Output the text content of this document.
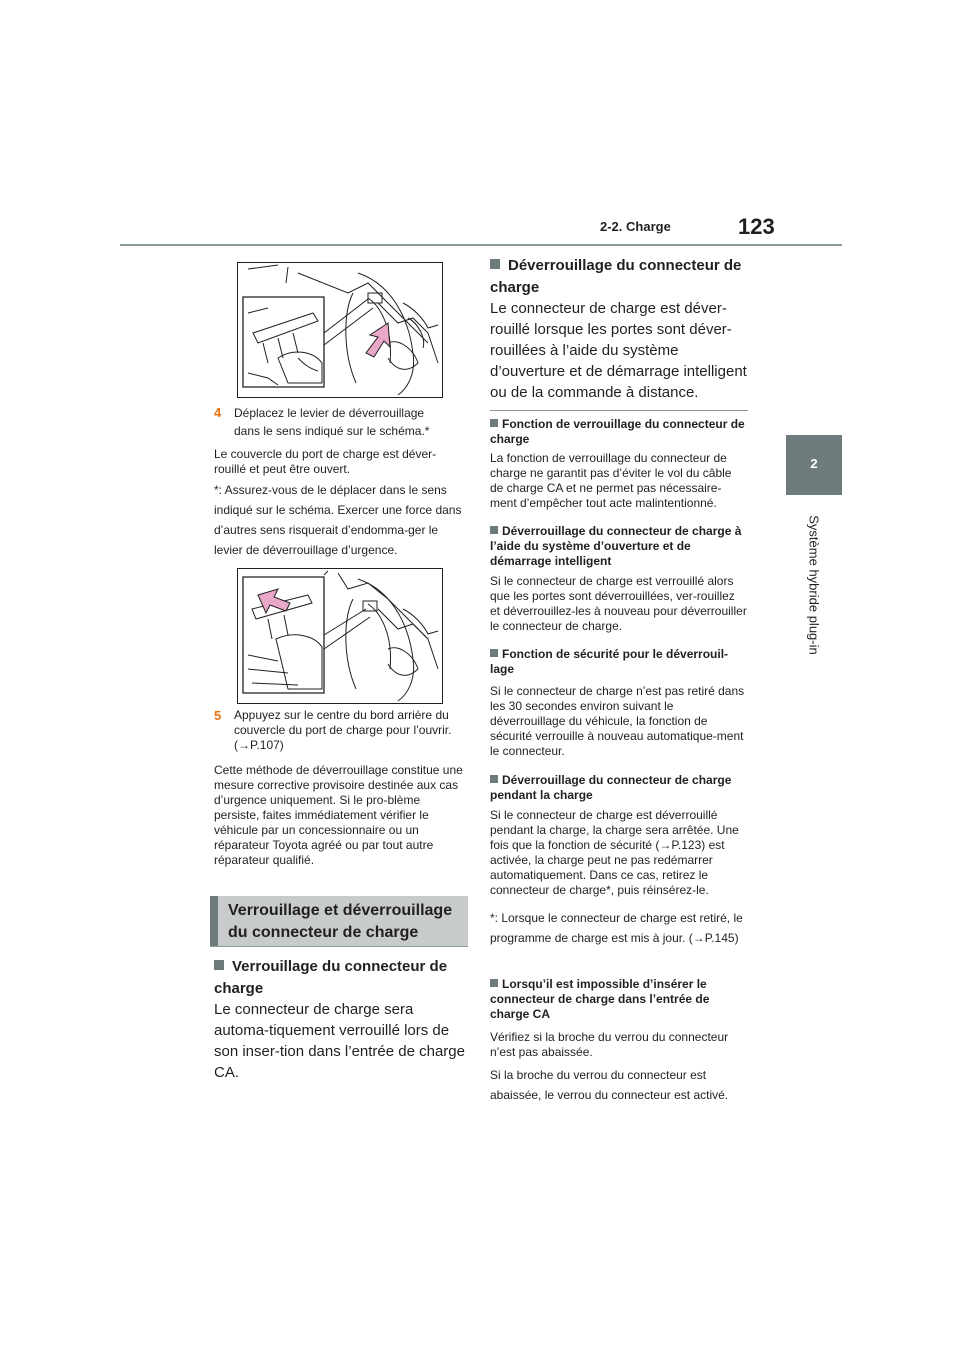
2-2. Charge	123
2
Système hybride plug-in
4 Déplacez le levier de déverrouillage dans le sens indiqué sur le schéma.*
Le couvercle du port de charge est déver-rouillé et peut être ouvert.
*: Assurez-vous de le déplacer dans le sens indiqué sur le schéma. Exercer une force dans d’autres sens risquerait d’endomma-ger le levier de déverrouillage d’urgence.
5 Appuyez sur le centre du bord arrière du couvercle du port de charge pour l’ouvrir. (→P.107)
Cette méthode de déverrouillage constitue une mesure corrective provisoire destinée aux cas d’urgence uniquement. Si le pro-blème persiste, faites immédiatement vérifier le véhicule par un concessionnaire ou un réparateur Toyota agréé ou par tout autre réparateur qualifié.
Verrouillage et déverrouillage du connecteur de charge
Verrouillage du connecteur de charge
Le connecteur de charge sera automa-tiquement verrouillé lors de son inser-tion dans l’entrée de charge CA.
Déverrouillage du connecteur de charge
Le connecteur de charge est déver-rouillé lorsque les portes sont déver-rouillées à l’aide du système d’ouverture et de démarrage intelligent ou de la commande à distance.
Fonction de verrouillage du connecteur de charge
La fonction de verrouillage du connecteur de charge ne garantit pas d’éviter le vol du câble de charge CA et ne permet pas nécessaire-ment d’empêcher tout acte malintentionné.
Déverrouillage du connecteur de charge à l’aide du système d’ouverture et de démarrage intelligent
Si le connecteur de charge est verrouillé alors que les portes sont déverrouillées, ver-rouillez et déverrouillez-les à nouveau pour déverrouiller le connecteur de charge.
Fonction de sécurité pour le déverrouil-lage
Si le connecteur de charge n’est pas retiré dans les 30 secondes environ suivant le déverrouillage du véhicule, la fonction de sécurité verrouille à nouveau automatique-ment le connecteur.
Déverrouillage du connecteur de charge pendant la charge
Si le connecteur de charge est déverrouillé pendant la charge, la charge sera arrêtée. Une fois que la fonction de sécurité (→P.123) est activée, la charge peut ne pas redémarrer automatiquement. Dans ce cas, retirez le connecteur de charge*, puis réinsérez-le.
*: Lorsque le connecteur de charge est retiré, le programme de charge est mis à jour. (→P.145)
Lorsqu’il est impossible d’insérer le connecteur de charge dans l’entrée de charge CA
Vérifiez si la broche du verrou du connecteur n’est pas abaissée.
Si la broche du verrou du connecteur est abaissée, le verrou du connecteur est activé.
